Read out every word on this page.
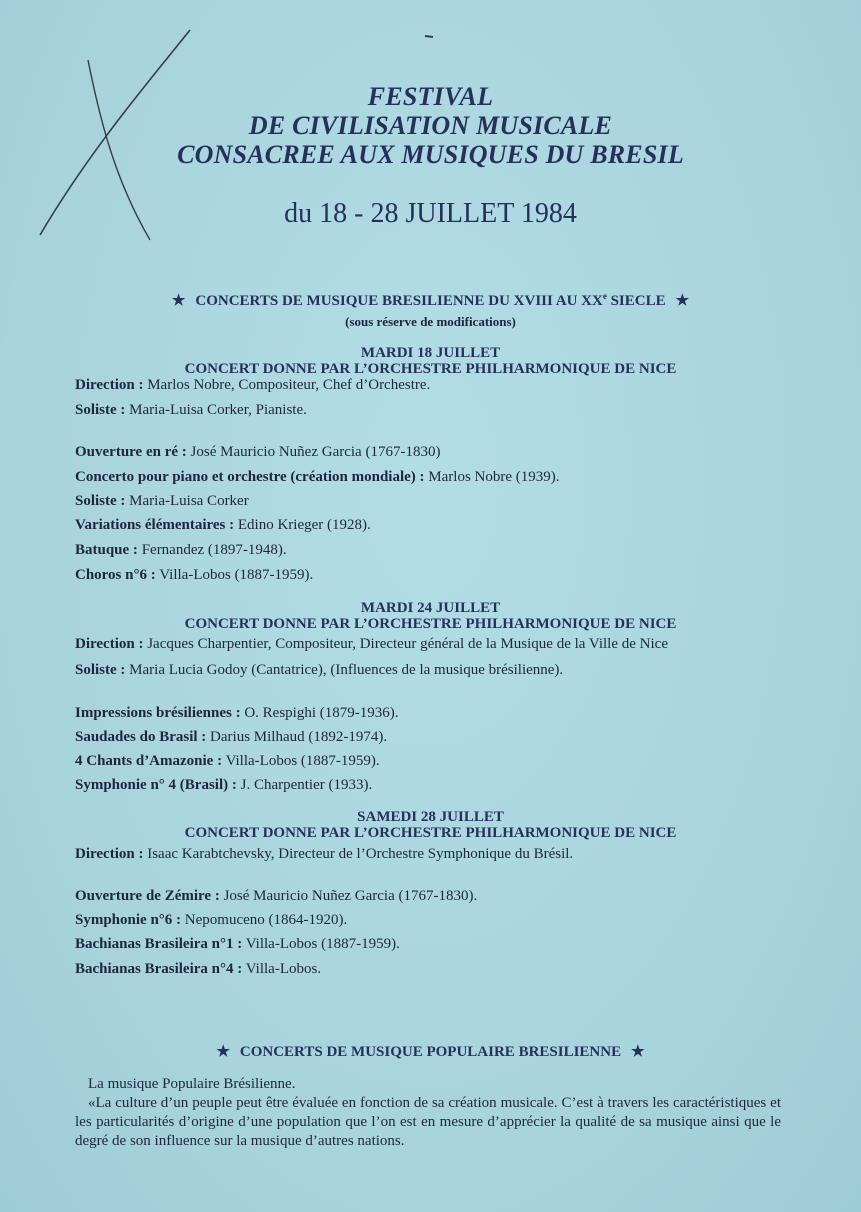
FESTIVAL
DE CIVILISATION MUSICALE
CONSACREE AUX MUSIQUES DU BRESIL
du 18 - 28 JUILLET 1984
★ CONCERTS DE MUSIQUE BRESILIENNE DU XVIII AU XXe SIECLE ★
(sous réserve de modifications)
MARDI 18 JUILLET
CONCERT DONNE PAR L’ORCHESTRE PHILHARMONIQUE DE NICE
Direction : Marlos Nobre, Compositeur, Chef d’Orchestre.
Soliste : Maria-Luisa Corker, Pianiste.
Ouverture en ré : José Mauricio Nuñez Garcia (1767-1830)
Concerto pour piano et orchestre (création mondiale) : Marlos Nobre (1939).
Soliste : Maria-Luisa Corker
Variations élémentaires : Edino Krieger (1928).
Batuque : Fernandez (1897-1948).
Choros n°6 : Villa-Lobos (1887-1959).
MARDI 24 JUILLET
CONCERT DONNE PAR L’ORCHESTRE PHILHARMONIQUE DE NICE
Direction : Jacques Charpentier, Compositeur, Directeur général de la Musique de la Ville de Nice
Soliste : Maria Lucia Godoy (Cantatrice), (Influences de la musique brésilienne).
Impressions brésiliennes : O. Respighi (1879-1936).
Saudades do Brasil : Darius Milhaud (1892-1974).
4 Chants d’Amazonie : Villa-Lobos (1887-1959).
Symphonie n° 4 (Brasil) : J. Charpentier (1933).
SAMEDI 28 JUILLET
CONCERT DONNE PAR L’ORCHESTRE PHILHARMONIQUE DE NICE
Direction : Isaac Karabtchevsky, Directeur de l’Orchestre Symphonique du Brésil.
Ouverture de Zémire : José Mauricio Nuñez Garcia (1767-1830).
Symphonie n°6 : Nepomuceno (1864-1920).
Bachianas Brasileira n°1 : Villa-Lobos (1887-1959).
Bachianas Brasileira n°4 : Villa-Lobos.
★ CONCERTS DE MUSIQUE POPULAIRE BRESILIENNE ★
La musique Populaire Brésilienne.
«La culture d’un peuple peut être évaluée en fonction de sa création musicale. C’est à travers les caractéristiques et les particularités d’origine d’une population que l’on est en mesure d’apprécier la qualité de sa musique ainsi que le degré de son influence sur la musique d’autres nations.
